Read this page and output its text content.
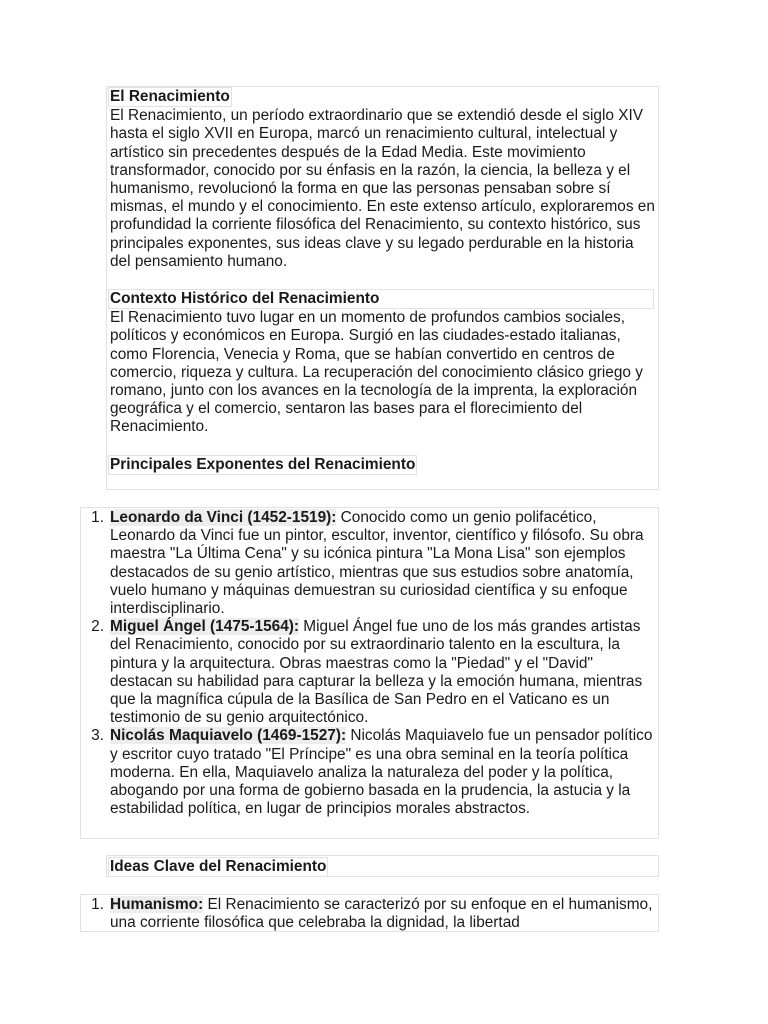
El Renacimiento

El Renacimiento, un período extraordinario que se extendió desde el siglo XIV hasta el siglo XVII en Europa, marcó un renacimiento cultural, intelectual y artístico sin precedentes después de la Edad Media. Este movimiento transformador, conocido por su énfasis en la razón, la ciencia, la belleza y el humanismo, revolucionó la forma en que las personas pensaban sobre sí mismas, el mundo y el conocimiento. En este extenso artículo, exploraremos en profundidad la corriente filosófica del Renacimiento, su contexto histórico, sus principales exponentes, sus ideas clave y su legado perdurable en la historia del pensamiento humano.

Contexto Histórico del Renacimiento

El Renacimiento tuvo lugar en un momento de profundos cambios sociales, políticos y económicos en Europa. Surgió en las ciudades-estado italianas, como Florencia, Venecia y Roma, que se habían convertido en centros de comercio, riqueza y cultura. La recuperación del conocimiento clásico griego y romano, junto con los avances en la tecnología de la imprenta, la exploración geográfica y el comercio, sentaron las bases para el florecimiento del Renacimiento.

Principales Exponentes del Renacimiento
1. Leonardo da Vinci (1452-1519): Conocido como un genio polifacético, Leonardo da Vinci fue un pintor, escultor, inventor, científico y filósofo. Su obra maestra "La Última Cena" y su icónica pintura "La Mona Lisa" son ejemplos destacados de su genio artístico, mientras que sus estudios sobre anatomía, vuelo humano y máquinas demuestran su curiosidad científica y su enfoque interdisciplinario.
2. Miguel Ángel (1475-1564): Miguel Ángel fue uno de los más grandes artistas del Renacimiento, conocido por su extraordinario talento en la escultura, la pintura y la arquitectura. Obras maestras como la "Piedad" y el "David" destacan su habilidad para capturar la belleza y la emoción humana, mientras que la magnífica cúpula de la Basílica de San Pedro en el Vaticano es un testimonio de su genio arquitectónico.
3. Nicolás Maquiavelo (1469-1527): Nicolás Maquiavelo fue un pensador político y escritor cuyo tratado "El Príncipe" es una obra seminal en la teoría política moderna. En ella, Maquiavelo analiza la naturaleza del poder y la política, abogando por una forma de gobierno basada en la prudencia, la astucia y la estabilidad política, en lugar de principios morales abstractos.
Ideas Clave del Renacimiento
1. Humanismo: El Renacimiento se caracterizó por su enfoque en el humanismo, una corriente filosófica que celebraba la dignidad, la libertad
